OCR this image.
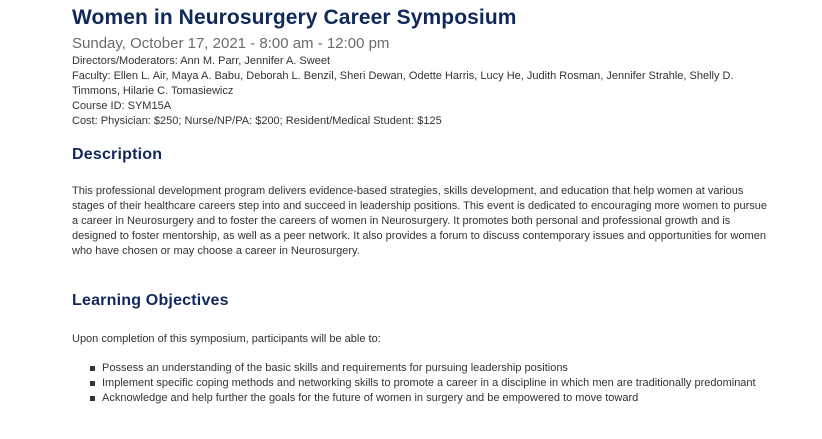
Women in Neurosurgery Career Symposium
Sunday, October 17, 2021 - 8:00 am - 12:00 pm
Directors/Moderators: Ann M. Parr, Jennifer A. Sweet
Faculty: Ellen L. Air, Maya A. Babu, Deborah L. Benzil, Sheri Dewan, Odette Harris, Lucy He, Judith Rosman, Jennifer Strahle, Shelly D. Timmons, Hilarie C. Tomasiewicz
Course ID: SYM15A
Cost: Physician: $250; Nurse/NP/PA: $200; Resident/Medical Student: $125
Description

This professional development program delivers evidence-based strategies, skills development, and education that help women at various stages of their healthcare careers step into and succeed in leadership positions. This event is dedicated to encouraging more women to pursue a career in Neurosurgery and to foster the careers of women in Neurosurgery. It promotes both personal and professional growth and is designed to foster mentorship, as well as a peer network. It also provides a forum to discuss contemporary issues and opportunities for women who have chosen or may choose a career in Neurosurgery.

Learning Objectives

Upon completion of this symposium, participants will be able to:

Possess an understanding of the basic skills and requirements for pursuing leadership positions
Implement specific coping methods and networking skills to promote a career in a discipline in which men are traditionally predominant
Acknowledge and help further the goals for the future of women in surgery and be empowered to move toward
